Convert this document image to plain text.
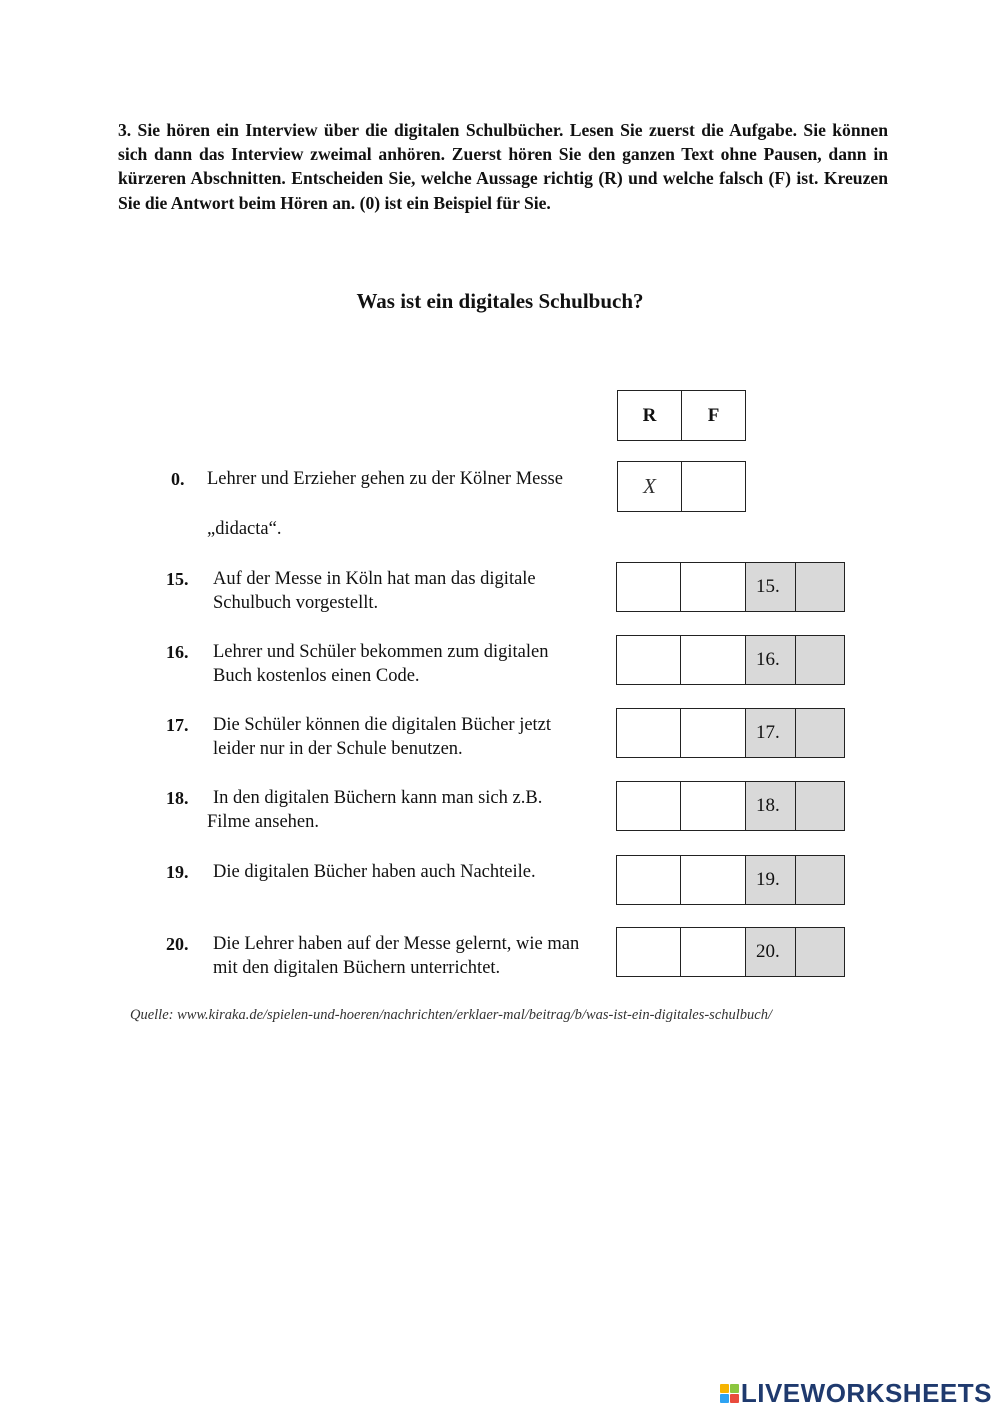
3. Sie hören ein Interview über die digitalen Schulbücher. Lesen Sie zuerst die Aufgabe. Sie können sich dann das Interview zweimal anhören. Zuerst hören Sie den ganzen Text ohne Pausen, dann in kürzeren Abschnitten. Entscheiden Sie, welche Aussage richtig (R) und welche falsch (F) ist. Kreuzen Sie die Antwort beim Hören an. (0) ist ein Beispiel für Sie.
Was ist ein digitales Schulbuch?
R	F
0. Lehrer und Erzieher gehen zu der Kölner Messe
„didacta“.
X
15. Auf der Messe in Köln hat man das digitale
Schulbuch vorgestellt.
15.
16. Lehrer und Schüler bekommen zum digitalen
Buch kostenlos einen Code.
16.
17. Die Schüler können die digitalen Bücher jetzt
leider nur in der Schule benutzen.
17.
18. In den digitalen Büchern kann man sich z.B.
Filme ansehen.
18.
19. Die digitalen Bücher haben auch Nachteile.	19.
20. Die Lehrer haben auf der Messe gelernt, wie man
mit den digitalen Büchern unterrichtet.
20.
Quelle: www.kiraka.de/spielen-und-hoeren/nachrichten/erklaer-mal/beitrag/b/was-ist-ein-digitales-schulbuch/
LIVEWORKSHEETS
